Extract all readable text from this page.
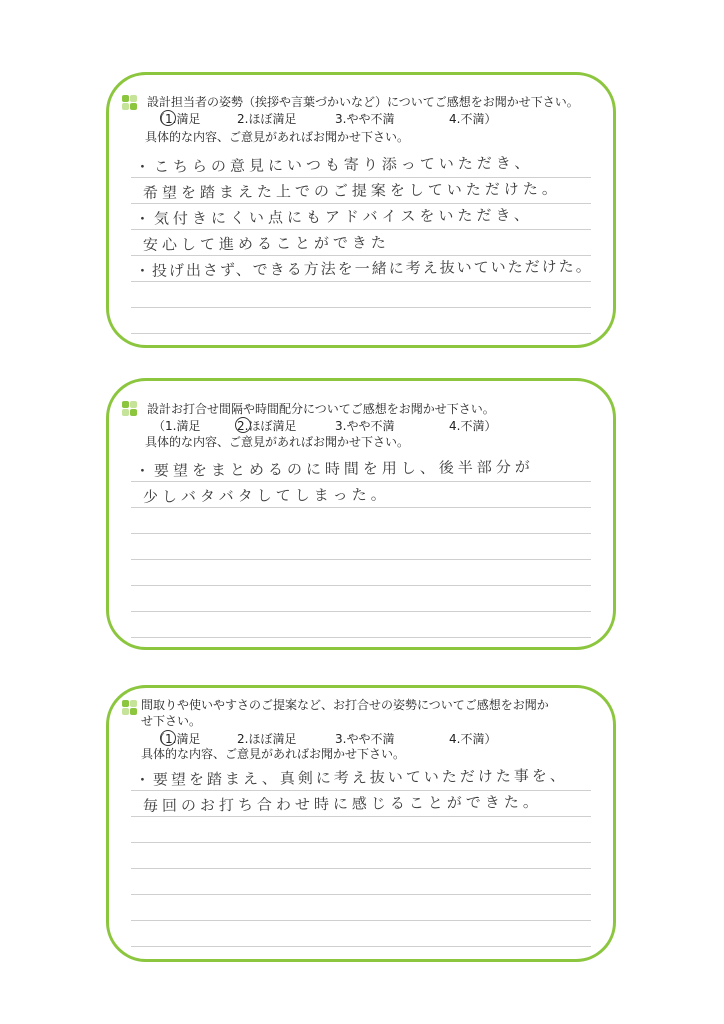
設計担当者の姿勢（挨拶や言葉づかいなど）についてご感想をお聞かせ下さい。
（1.満足	2.ほぼ満足	3.やや不満	4.不満）
具体的な内容、ご意見があればお聞かせ下さい。
・こちらの意見にいつも寄り添っていただき、
希望を踏まえた上でのご提案をしていただけた。
・気付きにくい点にもアドバイスをいただき、
安心して進めることができた
・投げ出さず、できる方法を一緒に考え抜いていただけた。
設計お打合せ間隔や時間配分についてご感想をお聞かせ下さい。
（1.満足	2.ほぼ満足	3.やや不満	4.不満）
具体的な内容、ご意見があればお聞かせ下さい。
・要望をまとめるのに時間を用し、後半部分が
少しバタバタしてしまった。
間取りや使いやすさのご提案など、お打合せの姿勢についてご感想をお聞かせ下さい。
（1.満足	2.ほぼ満足	3.やや不満	4.不満）
具体的な内容、ご意見があればお聞かせ下さい。
・要望を踏まえ、真剣に考え抜いていただけた事を、
毎回のお打ち合わせ時に感じることができた。
